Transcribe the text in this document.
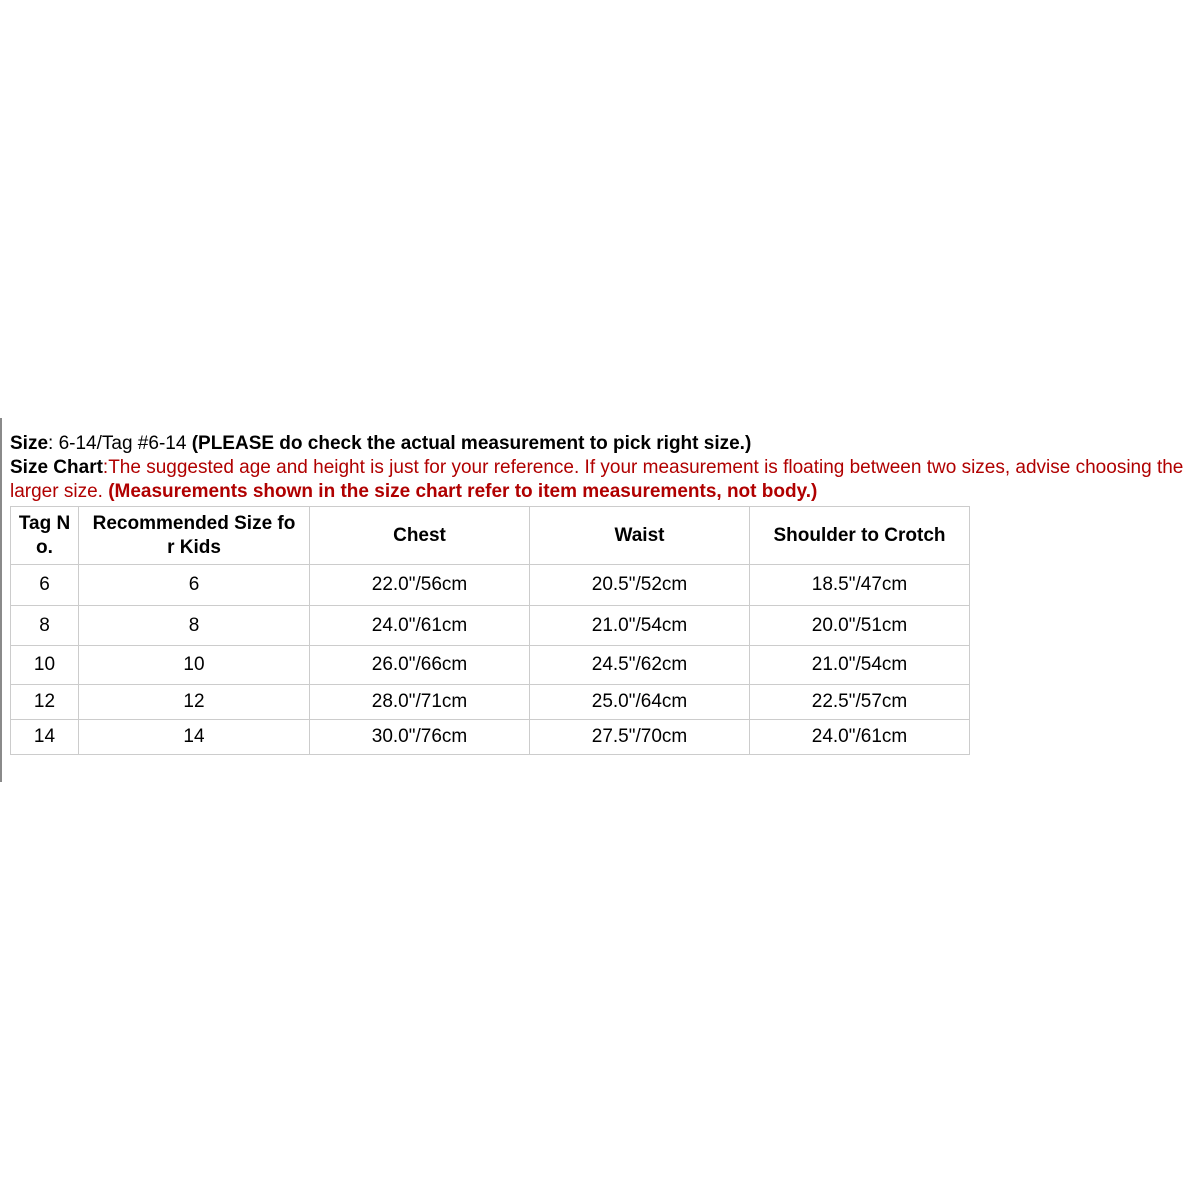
Size: 6-14/Tag #6-14 (PLEASE do check the actual measurement to pick right size.)

Size Chart:The suggested age and height is just for your reference. If your measurement is floating between two sizes, advise choosing the larger size. (Measurements shown in the size chart refer to item measurements, not body.)

Tag N
o.	Recommended Size fo
r Kids	Chest	Waist	Shoulder to Crotch
6	6	22.0"/56cm	20.5"/52cm	18.5"/47cm
8	8	24.0"/61cm	21.0"/54cm	20.0"/51cm
10	10	26.0"/66cm	24.5"/62cm	21.0"/54cm
12	12	28.0"/71cm	25.0"/64cm	22.5"/57cm
14	14	30.0"/76cm	27.5"/70cm	24.0"/61cm
